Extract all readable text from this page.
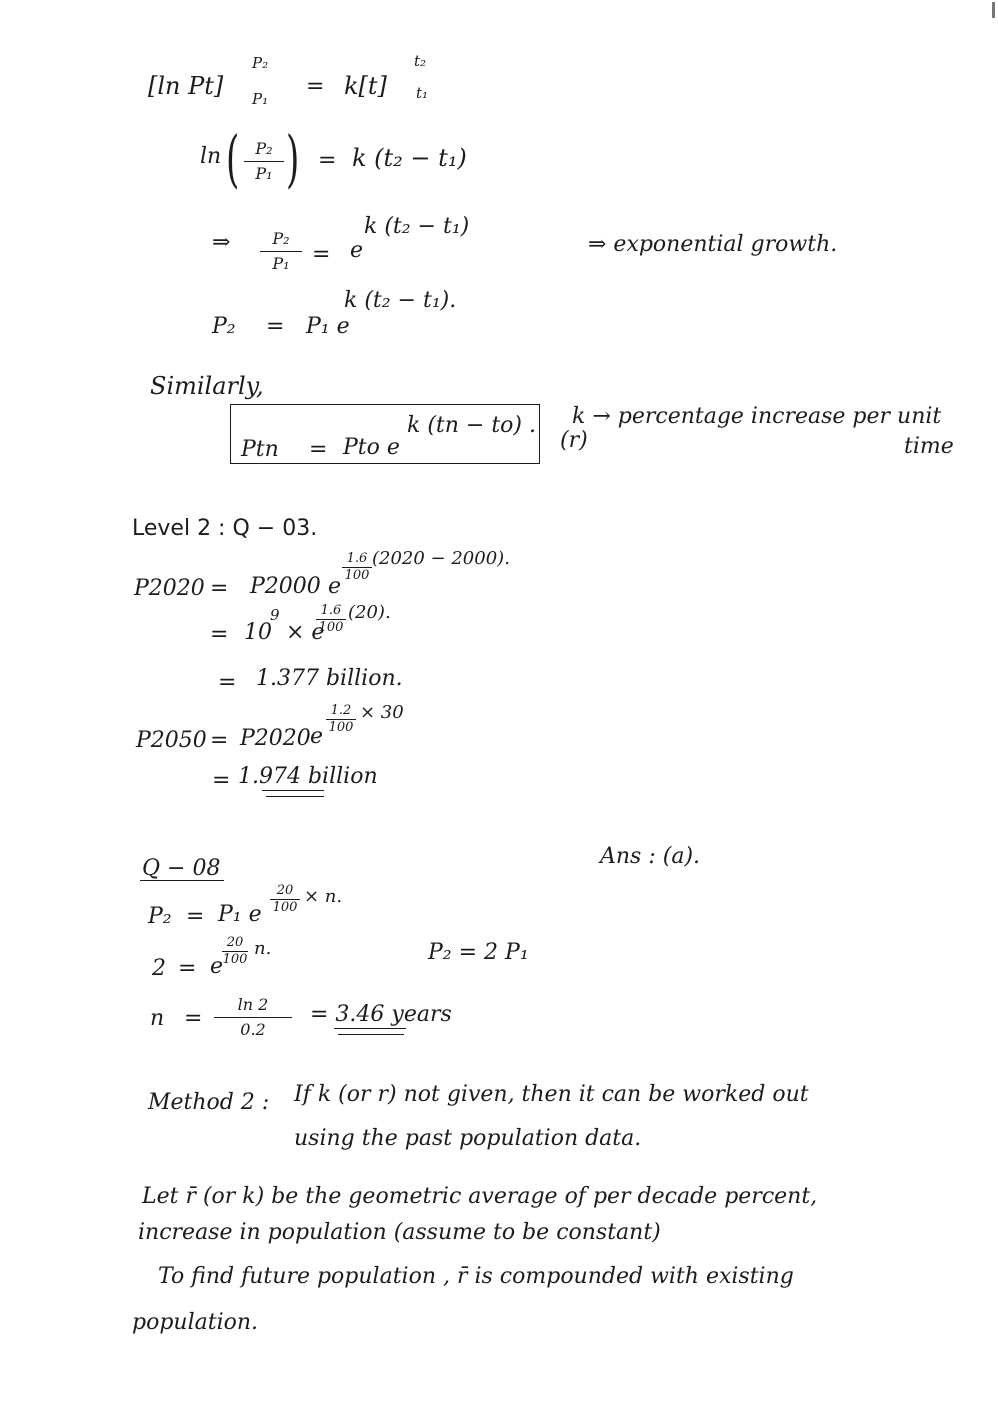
[ln Pt]
P₂
P₁ = k[t]
t₂
t₁
ln ( P₂
P₁ ) = k (t₂ − t₁)
⇒	P₂
P₁ = e
k (t₂ − t₁)
⇒ exponential growth.
P₂ = P₁ e
k (t₂ − t₁).
Similarly,
Ptn = Pto e
k (tn − to) . k → percentage increase per unit
(r)	time
Level 2 : Q − 03.
P2020 = P2000 e
1.6
100
(2020 − 2000).
= 10
9
× e
1.6
100
(20).
= 1.377 billion.
P2050 = P2020 e
1.2
100
× 30
= 1.974 billion
Q − 08	Ans : (a).
P₂ = P₁ e
20
100
× n.
2 = e
20
100
n.	P₂ = 2 P₁
n =
ln 2
0.2
= 3.46 years
Method 2 : If k (or r) not given, then it can be worked out
using the past population data.
Let r̄ (or k) be the geometric average of per decade percent,
increase in population (assume to be constant)
To find future population , r̄ is compounded with existing
population.
